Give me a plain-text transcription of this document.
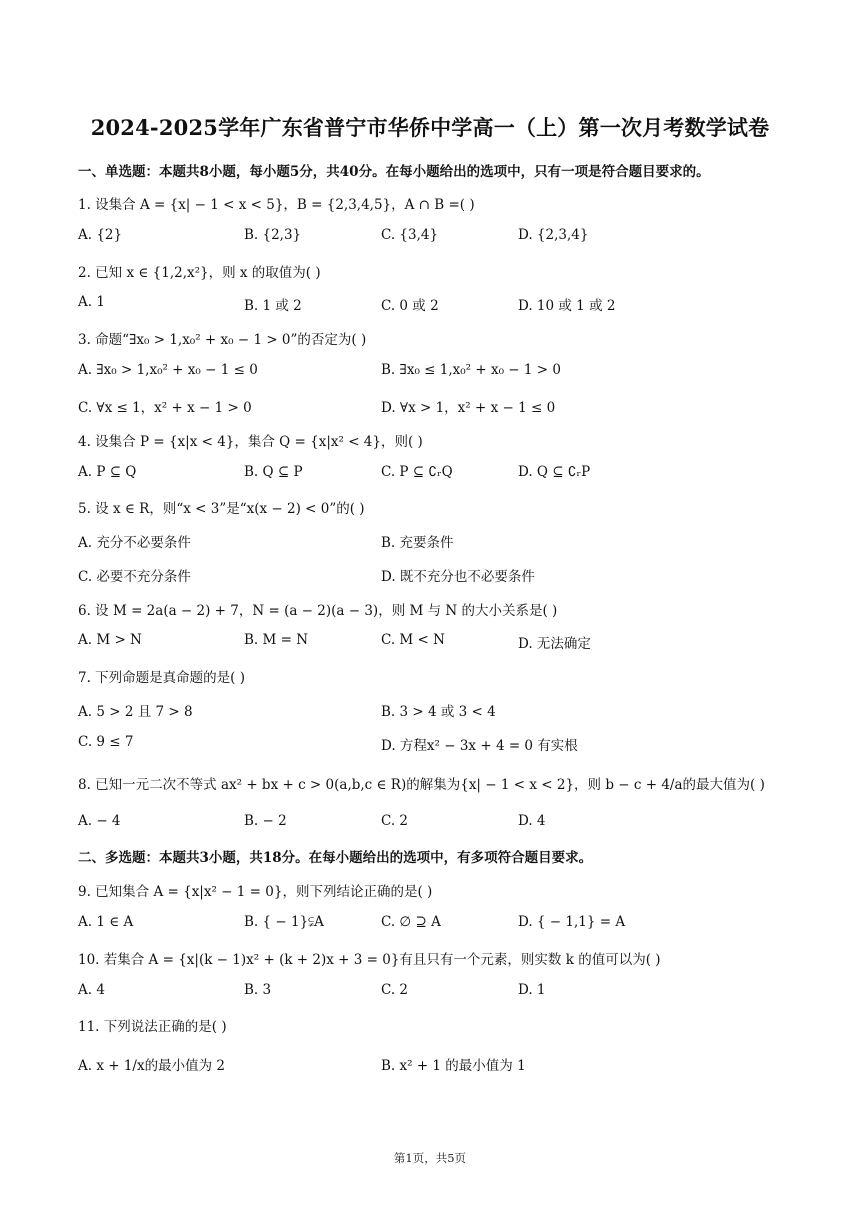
2024-2025学年广东省普宁市华侨中学高一（上）第一次月考数学试卷
一、单选题：本题共8小题，每小题5分，共40分。在每小题给出的选项中，只有一项是符合题目要求的。
1. 设集合 A = {x| − 1 < x < 5}，B = {2,3,4,5}，A ∩ B =( )
A. {2}	B. {2,3}	C. {3,4}	D. {2,3,4}
2. 已知 x ∈ {1,2,x²}，则 x 的取值为( )
A. 1	B. 1 或 2	C. 0 或 2	D. 10 或 1 或 2
3. 命题“∃x₀ > 1,x₀² + x₀ − 1 > 0”的否定为( )
A. ∃x₀ > 1,x₀² + x₀ − 1 ≤ 0	B. ∃x₀ ≤ 1,x₀² + x₀ − 1 > 0
C. ∀x ≤ 1，x² + x − 1 > 0	D. ∀x > 1，x² + x − 1 ≤ 0
4. 设集合 P = {x|x < 4}，集合 Q = {x|x² < 4}，则( )
A. P ⊆ Q	B. Q ⊆ P	C. P ⊆ ∁ᵣQ	D. Q ⊆ ∁ᵣP
5. 设 x ∈ R，则“x < 3”是“x(x − 2) < 0”的( )
A. 充分不必要条件	B. 充要条件
C. 必要不充分条件	D. 既不充分也不必要条件
6. 设 M = 2a(a − 2) + 7，N = (a − 2)(a − 3)，则 M 与 N 的大小关系是( )
A. M > N	B. M = N	C. M < N	D. 无法确定
7. 下列命题是真命题的是( )
A. 5 > 2 且 7 > 8	B. 3 > 4 或 3 < 4
C. 9 ≤ 7	D. 方程x² − 3x + 4 = 0 有实根
8. 已知一元二次不等式 ax² + bx + c > 0(a,b,c ∈ R)的解集为{x| − 1 < x < 2}，则 b − c + 4/a的最大值为( )
A. − 4	B. − 2	C. 2	D. 4
二、多选题：本题共3小题，共18分。在每小题给出的选项中，有多项符合题目要求。
9. 已知集合 A = {x|x² − 1 = 0}，则下列结论正确的是( )
A. 1 ∈ A	B. { − 1}⫋A	C. ∅ ⊇ A	D. { − 1,1} = A
10. 若集合 A = {x|(k − 1)x² + (k + 2)x + 3 = 0}有且只有一个元素，则实数 k 的值可以为( )
A. 4	B. 3	C. 2	D. 1
11. 下列说法正确的是( )
A. x + 1/x的最小值为 2	B. x² + 1 的最小值为 1
第1页，共5页
